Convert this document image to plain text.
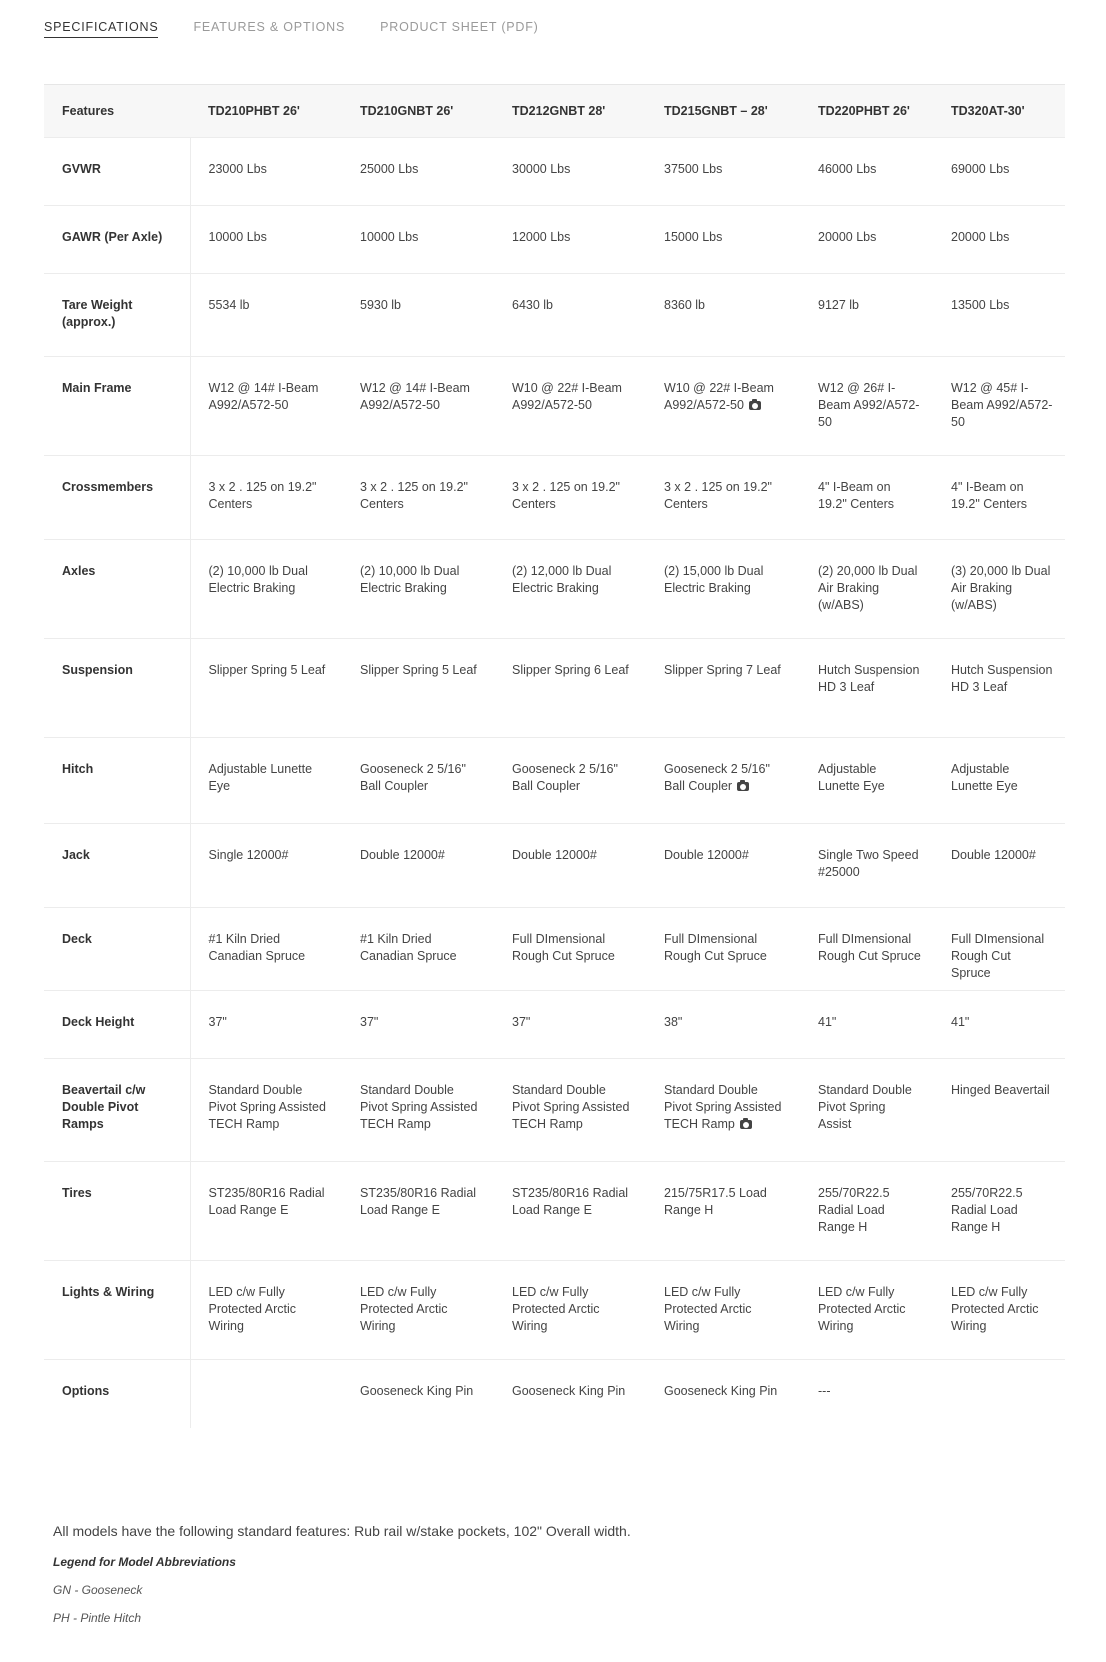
SPECIFICATIONS	FEATURES & OPTIONS	PRODUCT SHEET (PDF)
Features	TD210PHBT 26'	TD210GNBT 26'	TD212GNBT 28'	TD215GNBT – 28'	TD220PHBT 26'	TD320AT-30'
GVWR	23000 Lbs	25000 Lbs	30000 Lbs	37500 Lbs	46000 Lbs	69000 Lbs
GAWR (Per Axle)	10000 Lbs	10000 Lbs	12000 Lbs	15000 Lbs	20000 Lbs	20000 Lbs
Tare Weight (approx.)	5534 lb	5930 lb	6430 lb	8360 lb	9127 lb	13500 Lbs
Main Frame	W12 @ 14# I-Beam A992/A572-50	W12 @ 14# I-Beam A992/A572-50	W10 @ 22# I-Beam A992/A572-50	W10 @ 22# I-Beam A992/A572-50	W12 @ 26# I-Beam A992/A572-50	W12 @ 45# I-Beam A992/A572-50
Crossmembers	3 x 2 . 125 on 19.2" Centers	3 x 2 . 125 on 19.2" Centers	3 x 2 . 125 on 19.2" Centers	3 x 2 . 125 on 19.2" Centers	4" I-Beam on 19.2" Centers	4" I-Beam on 19.2" Centers
Axles	(2) 10,000 lb Dual Electric Braking	(2) 10,000 lb Dual Electric Braking	(2) 12,000 lb Dual Electric Braking	(2) 15,000 lb Dual Electric Braking	(2) 20,000 lb Dual Air Braking (w/ABS)	(3) 20,000 lb Dual Air Braking (w/ABS)
Suspension	Slipper Spring 5 Leaf	Slipper Spring 5 Leaf	Slipper Spring 6 Leaf	Slipper Spring 7 Leaf	Hutch Suspension HD 3 Leaf	Hutch Suspension HD 3 Leaf
Hitch	Adjustable Lunette Eye	Gooseneck 2 5/16" Ball Coupler	Gooseneck 2 5/16" Ball Coupler	Gooseneck 2 5/16" Ball Coupler	Adjustable Lunette Eye	Adjustable Lunette Eye
Jack	Single 12000#	Double 12000#	Double 12000#	Double 12000#	Single Two Speed #25000	Double 12000#
Deck	#1 Kiln Dried Canadian Spruce	#1 Kiln Dried Canadian Spruce	Full DImensional Rough Cut Spruce	Full DImensional Rough Cut Spruce	Full DImensional Rough Cut Spruce	Full DImensional Rough Cut Spruce
Deck Height	37"	37"	37"	38"	41"	41"
Beavertail c/w Double Pivot Ramps	Standard Double Pivot Spring Assisted TECH Ramp	Standard Double Pivot Spring Assisted TECH Ramp	Standard Double Pivot Spring Assisted TECH Ramp	Standard Double Pivot Spring Assisted TECH Ramp	Standard Double Pivot Spring Assist	Hinged Beavertail
Tires	ST235/80R16 Radial Load Range E	ST235/80R16 Radial Load Range E	ST235/80R16 Radial Load Range E	215/75R17.5 Load Range H	255/70R22.5 Radial Load Range H	255/70R22.5 Radial Load Range H
Lights & Wiring	LED c/w Fully Protected Arctic Wiring	LED c/w Fully Protected Arctic Wiring	LED c/w Fully Protected Arctic Wiring	LED c/w Fully Protected Arctic Wiring	LED c/w Fully Protected Arctic Wiring	LED c/w Fully Protected Arctic Wiring
Options		Gooseneck King Pin	Gooseneck King Pin	Gooseneck King Pin	---	
All models have the following standard features: Rub rail w/stake pockets, 102" Overall width.
Legend for Model Abbreviations
GN - Gooseneck
PH - Pintle Hitch
